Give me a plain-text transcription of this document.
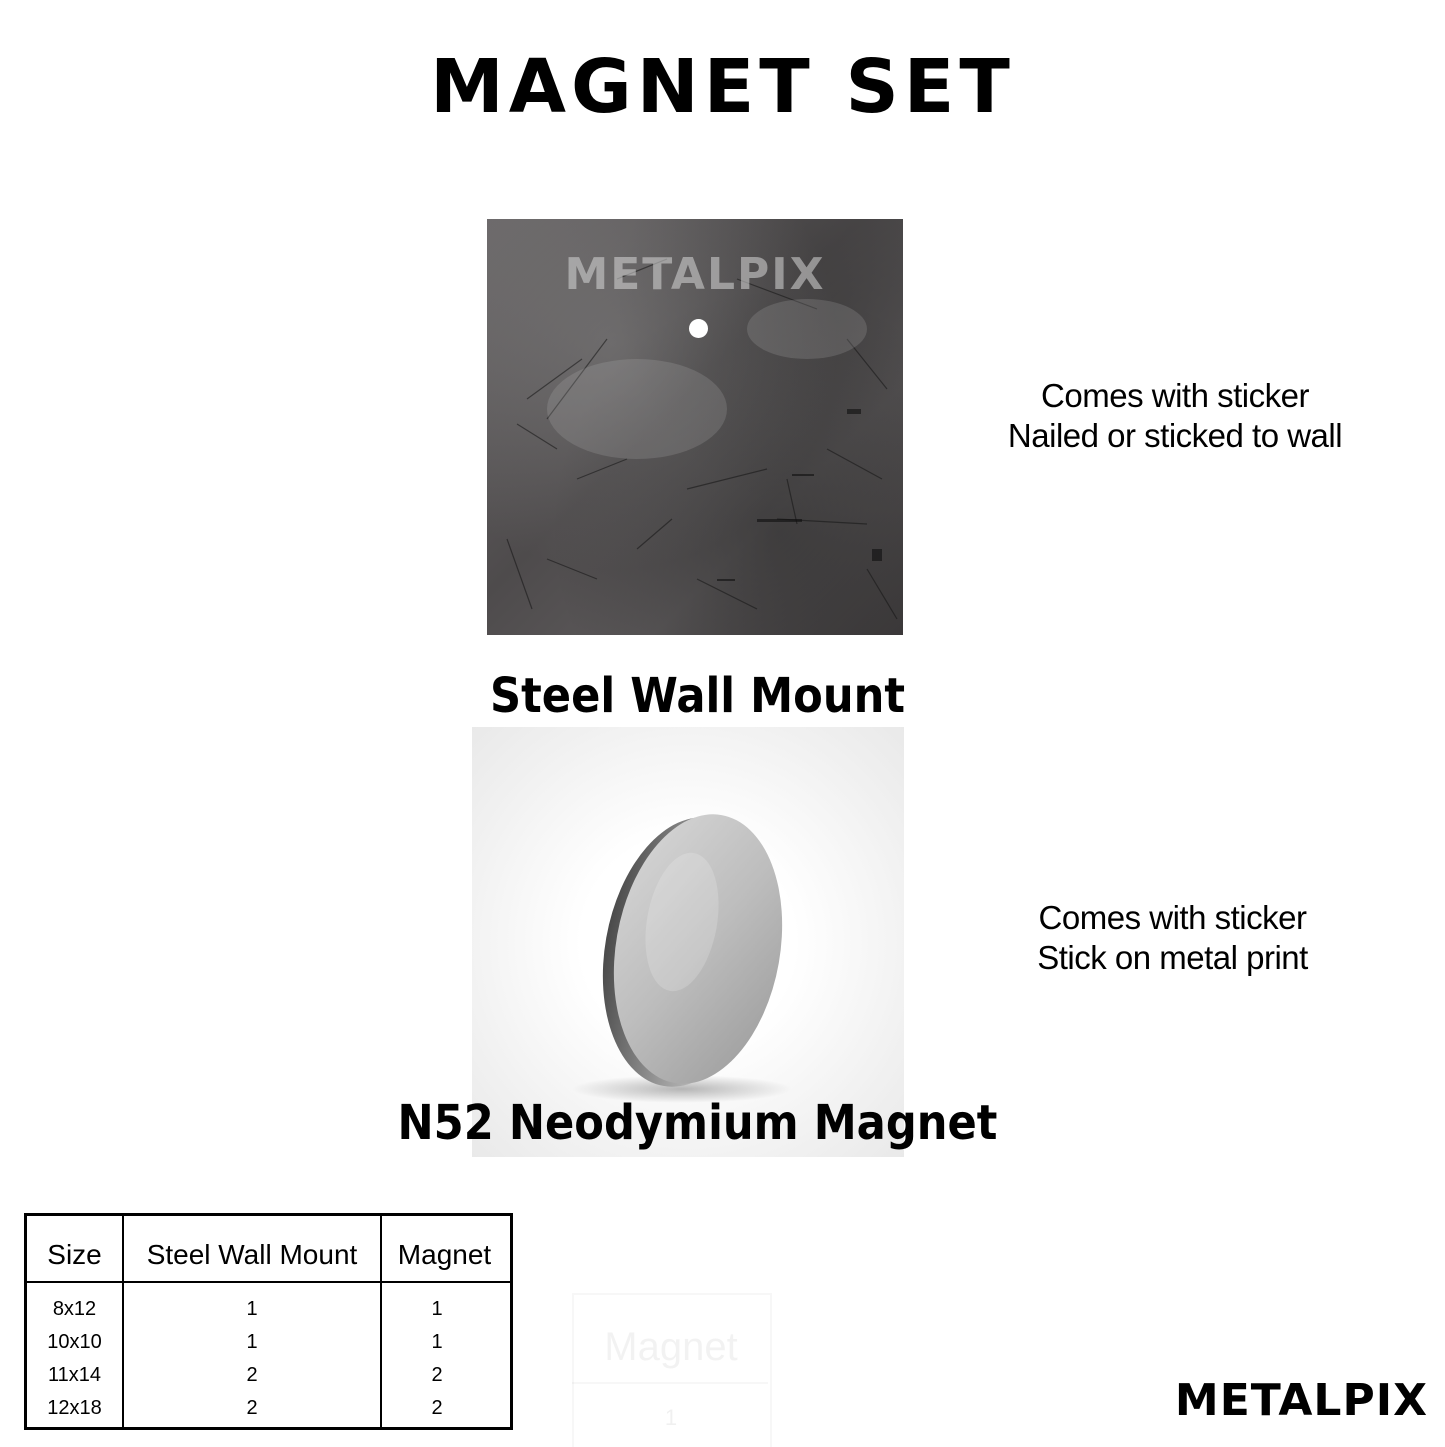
MAGNET SET
METALPIX
Steel Wall Mount
Comes with sticker
Nailed or sticked to wall
N52 Neodymium Magnet
Comes with sticker
Stick on metal print
Size	Steel Wall Mount	Magnet
8x12	1	1
10x10	1	1
11x14	2	2
12x18	2	2
Magnet
1	METALPIX
